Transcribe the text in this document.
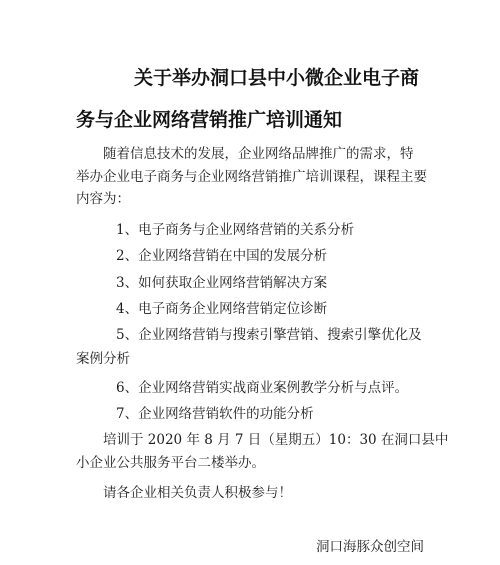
关于举办洞口县中小微企业电子商
务与企业网络营销推广培训通知
随着信息技术的发展，企业网络品牌推广的需求，特
举办企业电子商务与企业网络营销推广培训课程，课程主要
内容为：
1、电子商务与企业网络营销的关系分析
2、企业网络营销在中国的发展分析
3、如何获取企业网络营销解决方案
4、电子商务企业网络营销定位诊断
5、企业网络营销与搜索引擎营销、搜索引擎优化及
案例分析
6、企业网络营销实战商业案例教学分析与点评。
7、企业网络营销软件的功能分析
培训于 2020 年 8 月 7 日（星期五）10：30 在洞口县中
小企业公共服务平台二楼举办。
请各企业相关负责人积极参与！
洞口海豚众创空间
